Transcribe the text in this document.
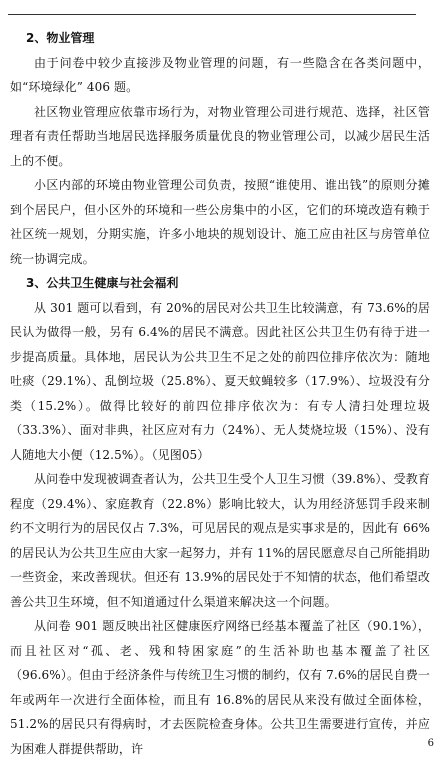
2、物业管理

由于问卷中较少直接涉及物业管理的问题，有一些隐含在各类问题中，如“环境绿化” 406 题。

社区物业管理应依靠市场行为，对物业管理公司进行规范、选择，社区管理者有责任帮助当地居民选择服务质量优良的物业管理公司，以减少居民生活上的不便。

小区内部的环境由物业管理公司负责，按照“谁使用、谁出钱”的原则分摊到个居民户，但小区外的环境和一些公房集中的小区，它们的环境改造有赖于社区统一规划，分期实施，许多小地块的规划设计、施工应由社区与房管单位统一协调完成。

3、公共卫生健康与社会福利

从 301 题可以看到，有 20%的居民对公共卫生比较满意，有 73.6%的居民认为做得一般，另有 6.4%的居民不满意。因此社区公共卫生仍有待于进一步提高质量。具体地，居民认为公共卫生不足之处的前四位排序依次为：随地吐痰（29.1%）、乱倒垃圾（25.8%）、夏天蚊蝇较多（17.9%）、垃圾没有分类（15.2%）。做得比较好的前四位排序依次为：有专人清扫处理垃圾（33.3%）、面对非典，社区应对有力（24%）、无人焚烧垃圾（15%）、没有人随地大小便（12.5%）。（见图05）

从问卷中发现被调查者认为，公共卫生受个人卫生习惯（39.8%）、受教育程度（29.4%）、家庭教育（22.8%）影响比较大，认为用经济惩罚手段来制约不文明行为的居民仅占 7.3%，可见居民的观点是实事求是的，因此有 66%的居民认为公共卫生应由大家一起努力，并有 11%的居民愿意尽自己所能捐助一些资金，来改善现状。但还有 13.9%的居民处于不知情的状态，他们希望改善公共卫生环境，但不知道通过什么渠道来解决这一个问题。

从问卷 901 题反映出社区健康医疗网络已经基本覆盖了社区（90.1%），而且社区对“孤、老、残和特困家庭”的生活补助也基本覆盖了社区（96.6%）。但由于经济条件与传统卫生习惯的制约，仅有 7.6%的居民自费一年或两年一次进行全面体检，而且有 16.8%的居民从来没有做过全面体检，51.2%的居民只有得病时，才去医院检查身体。公共卫生需要进行宣传，并应为困难人群提供帮助，许	6
